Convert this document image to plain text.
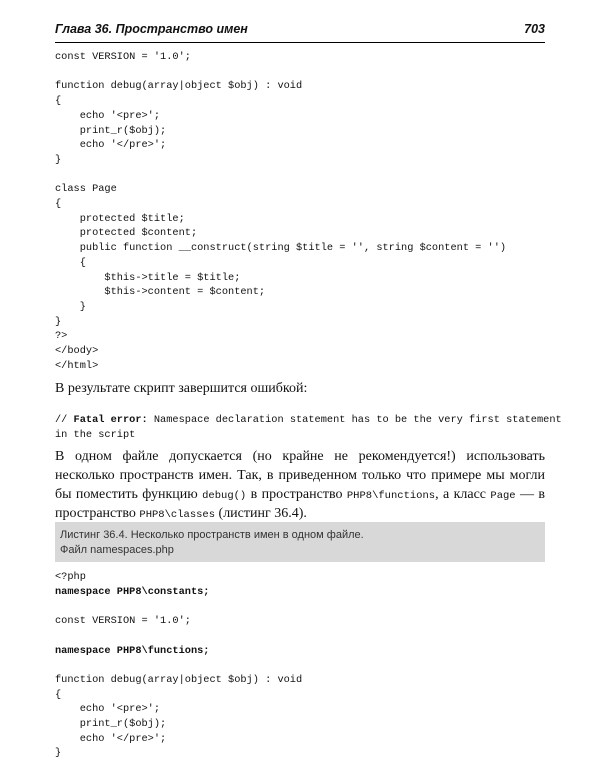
Глава 36. Пространство имен	703
const VERSION = '1.0';

function debug(array|object $obj) : void
{
echo '<pre>';
print_r($obj);
echo '</pre>';
}

class Page
{
protected $title;
protected $content;
public function __construct(string $title = '', string $content = '')
{
$this->title = $title;
$this->content = $content;
}
}
?>
</body>
</html>
В результате скрипт завершится ошибкой:
// Fatal error: Namespace declaration statement has to be the very first statement
in the script
В одном файле допускается (но крайне не рекомендуется!) использовать несколько пространств имен. Так, в приведенном только что примере мы могли бы поместить функцию debug() в пространство PHP8\functions, а класс Page — в пространство PHP8\classes (листинг 36.4).
Листинг 36.4. Несколько пространств имен в одном файле.
Файл namespaces.php
<?php
namespace PHP8\constants;

const VERSION = '1.0';

namespace PHP8\functions;

function debug(array|object $obj) : void
{
echo '<pre>';
print_r($obj);
echo '</pre>';
}
